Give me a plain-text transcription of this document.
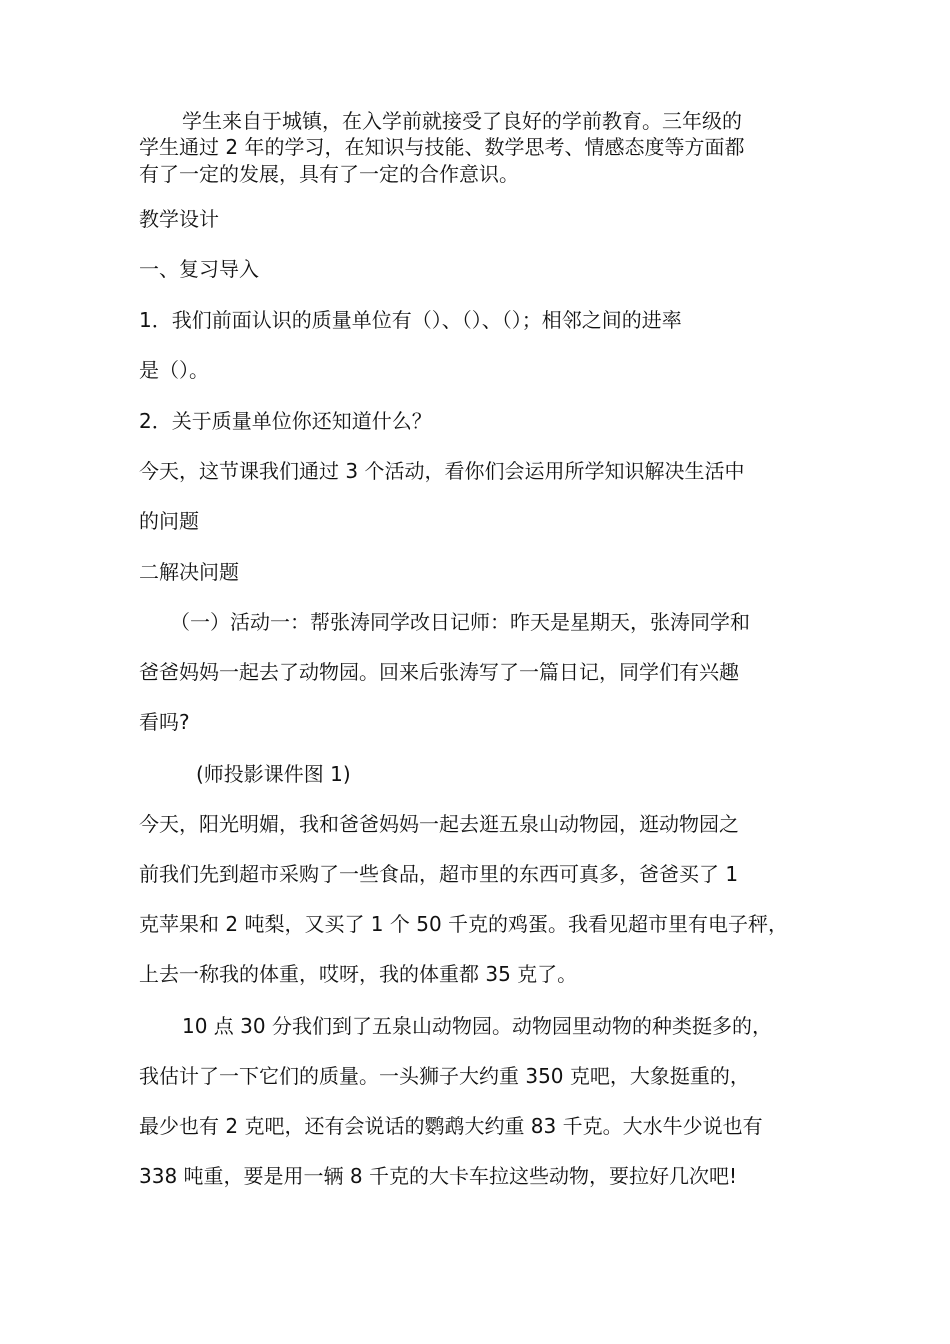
学生来自于城镇，在入学前就接受了良好的学前教育。三年级的

学生通过 2 年的学习，在知识与技能、数学思考、情感态度等方面都

有了一定的发展，具有了一定的合作意识。

教学设计

一、复习导入

1．我们前面认识的质量单位有（）、（）、（）；相邻之间的进率

是（）。

2．关于质量单位你还知道什么？

今天，这节课我们通过 3 个活动，看你们会运用所学知识解决生活中

的问题

二解决问题

（一）活动一：帮张涛同学改日记师：昨天是星期天，张涛同学和

爸爸妈妈一起去了动物园。回来后张涛写了一篇日记，同学们有兴趣

看吗?

(师投影课件图 1)

今天，阳光明媚，我和爸爸妈妈一起去逛五泉山动物园，逛动物园之

前我们先到超市采购了一些食品，超市里的东西可真多，爸爸买了 1

克苹果和 2 吨梨，又买了 1 个 50 千克的鸡蛋。我看见超市里有电子秤，

上去一称我的体重，哎呀，我的体重都 35 克了。

10 点 30 分我们到了五泉山动物园。动物园里动物的种类挺多的，

我估计了一下它们的质量。一头狮子大约重 350 克吧，大象挺重的，

最少也有 2 克吧，还有会说话的鹦鹉大约重 83 千克。大水牛少说也有

338 吨重，要是用一辆 8 千克的大卡车拉这些动物，要拉好几次吧!
